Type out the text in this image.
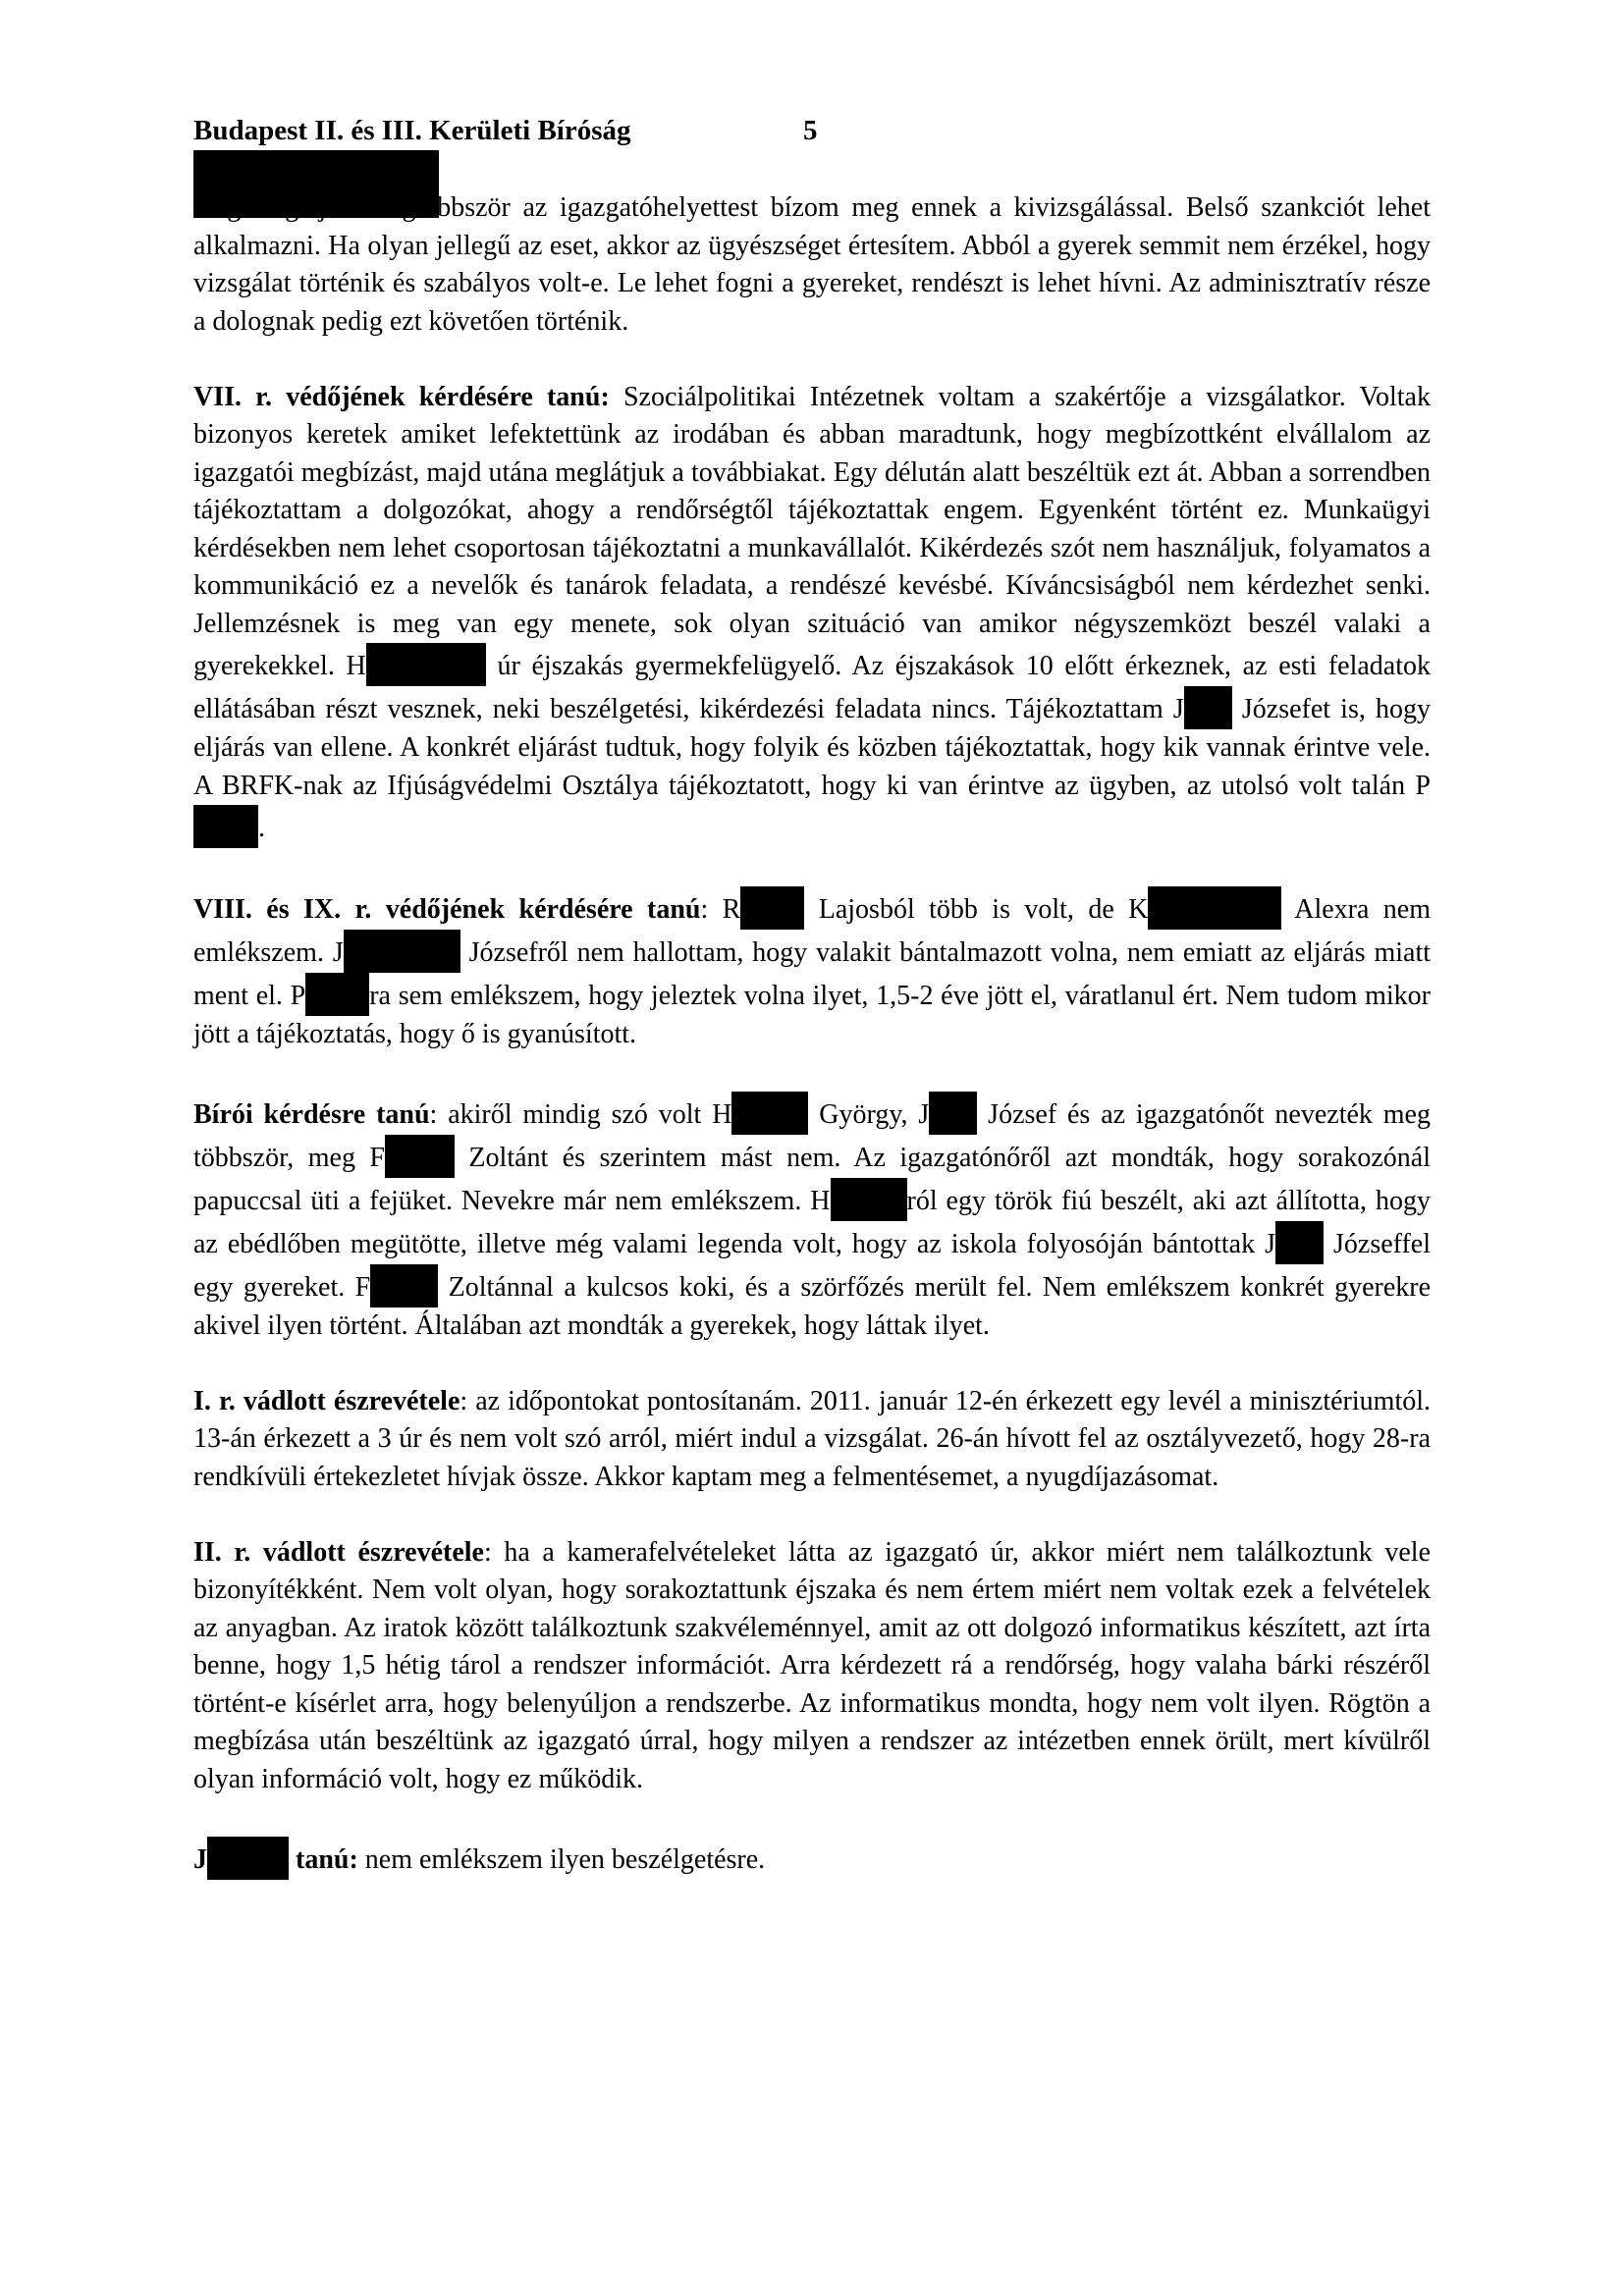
Budapest II. és III. Kerületi Bíróság	5

megvizsgáljuk. Legtöbbször az igazgatóhelyettest bízom meg ennek a kivizsgálással. Belső szankciót lehet alkalmazni. Ha olyan jellegű az eset, akkor az ügyészséget értesítem. Abból a gyerek semmit nem érzékel, hogy vizsgálat történik és szabályos volt-e. Le lehet fogni a gyereket, rendészt is lehet hívni. Az adminisztratív része a dolognak pedig ezt követően történik.

VII. r. védőjének kérdésére tanú: Szociálpolitikai Intézetnek voltam a szakértője a vizsgálatkor. Voltak bizonyos keretek amiket lefektettünk az irodában és abban maradtunk, hogy megbízottként elvállalom az igazgatói megbízást, majd utána meglátjuk a továbbiakat. Egy délután alatt beszéltük ezt át. Abban a sorrendben tájékoztattam a dolgozókat, ahogy a rendőrségtől tájékoztattak engem. Egyenként történt ez. Munkaügyi kérdésekben nem lehet csoportosan tájékoztatni a munkavállalót. Kikérdezés szót nem használjuk, folyamatos a kommunikáció ez a nevelők és tanárok feladata, a rendészé kevésbé. Kíváncsiságból nem kérdezhet senki. Jellemzésnek is meg van egy menete, sok olyan szituáció van amikor négyszemközt beszél valaki a gyerekekkel. H	úr éjszakás gyermekfelügyelő. Az éjszakások 10 előtt érkeznek, az esti feladatok ellátásában részt vesznek, neki beszélgetési, kikérdezési feladata nincs. Tájékoztattam J Józsefet is, hogy eljárás van ellene. A konkrét eljárást tudtuk, hogy folyik és közben tájékoztattak, hogy kik vannak érintve vele. A BRFK-nak az Ifjúságvédelmi Osztálya tájékoztatott, hogy ki van érintve az ügyben, az utolsó volt talán P.

VIII. és IX. r. védőjének kérdésére tanú: R Lajosból több is volt, de K	Alexra nem emlékszem. J	Józsefről nem hallottam, hogy valakit bántalmazott volna, nem emiatt az eljárás miatt ment el. P ra sem emlékszem, hogy jeleztek volna ilyet, 1,5-2 éve jött el, váratlanul ért. Nem tudom mikor jött a tájékoztatás, hogy ő is gyanúsított.

Bírói kérdésre tanú: akiről mindig szó volt H	György, J József és az igazgatónőt nevezték meg többször, meg F	Zoltánt és szerintem mást nem. Az igazgatónőről azt mondták, hogy sorakozónál papuccsal üti a fejüket. Nevekre már nem emlékszem. H	ról egy török fiú beszélt, aki azt állította, hogy az ebédlőben megütötte, illetve még valami legenda volt, hogy az iskola folyosóján bántottak J Józseffel egy gyereket. F Zoltánnal a kulcsos koki, és a szörfőzés merült fel. Nem emlékszem konkrét gyerekre akivel ilyen történt. Általában azt mondták a gyerekek, hogy láttak ilyet.

I. r. vádlott észrevétele: az időpontokat pontosítanám. 2011. január 12-én érkezett egy levél a minisztériumtól. 13-án érkezett a 3 úr és nem volt szó arról, miért indul a vizsgálat. 26-án hívott fel az osztályvezető, hogy 28-ra rendkívüli értekezletet hívjak össze. Akkor kaptam meg a felmentésemet, a nyugdíjazásomat.

II. r. vádlott észrevétele: ha a kamerafelvételeket látta az igazgató úr, akkor miért nem találkoztunk vele bizonyítékként. Nem volt olyan, hogy sorakoztattunk éjszaka és nem értem miért nem voltak ezek a felvételek az anyagban. Az iratok között találkoztunk szakvéleménnyel, amit az ott dolgozó informatikus készített, azt írta benne, hogy 1,5 hétig tárol a rendszer információt. Arra kérdezett rá a rendőrség, hogy valaha bárki részéről történt-e kísérlet arra, hogy belenyúljon a rendszerbe. Az informatikus mondta, hogy nem volt ilyen. Rögtön a megbízása után beszéltünk az igazgató úrral, hogy milyen a rendszer az intézetben ennek örült, mert kívülről olyan információ volt, hogy ez működik.

J	tanú: nem emlékszem ilyen beszélgetésre.
